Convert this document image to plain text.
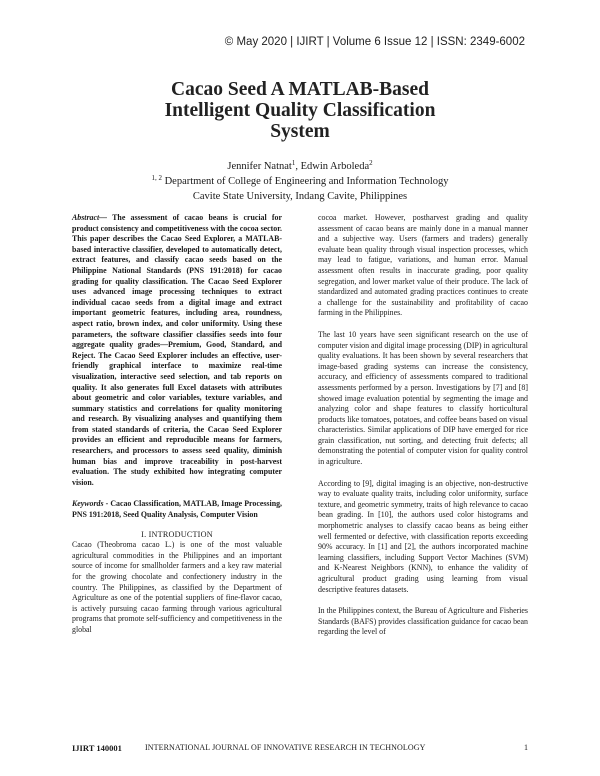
© May 2020 | IJIRT | Volume 6 Issue 12 | ISSN: 2349-6002
Cacao Seed A MATLAB-Based
Intelligent Quality Classification
System
Jennifer Natnat$^1$, Edwin Arboleda$^2$
$^{1, 2}$ Department of College of Engineering and Information Technology
Cavite State University, Indang Cavite, Philippines

Abstract— The assessment of cacao beans is crucial for product consistency and competitiveness with the cocoa sector. This paper describes the Cacao Seed Explorer, a MATLAB-based interactive classifier, developed to automatically detect, extract features, and classify cacao seeds based on the Philippine National Standards (PNS 191:2018) for cacao grading for quality classification. The Cacao Seed Explorer uses advanced image processing techniques to extract individual cacao seeds from a digital image and extract important geometric features, including area, roundness, aspect ratio, brown index, and color uniformity. Using these parameters, the software classifier classifies seeds into four aggregate quality grades—Premium, Good, Standard, and Reject. The Cacao Seed Explorer includes an effective, user-friendly graphical interface to maximize real-time visualization, interactive seed selection, and tab reports on quality. It also generates full Excel datasets with attributes about geometric and color variables, texture variables, and summary statistics and correlations for quality monitoring and research. By visualizing analyses and quantifying them from stated standards of criteria, the Cacao Seed Explorer provides an efficient and reproducible means for farmers, researchers, and processors to assess seed quality, diminish human bias and improve traceability in post-harvest evaluation. The study exhibited how integrating computer vision.

Keywords - Cacao Classification, MATLAB, Image Processing, PNS 191:2018, Seed Quality Analysis, Computer Vision

I. INTRODUCTION

Cacao (Theobroma cacao L.) is one of the most valuable agricultural commodities in the Philippines and an important source of income for smallholder farmers and a key raw material for the growing chocolate and confectionery industry in the country. The Philippines, as classified by the Department of Agriculture as one of the potential suppliers of fine-flavor cacao, is actively pursuing cacao farming through various agricultural programs that promote self-sufficiency and competitiveness in the global

cocoa market. However, postharvest grading and quality assessment of cacao beans are mainly done in a manual manner and a subjective way. Users (farmers and traders) generally evaluate bean quality through visual inspection processes, which may lead to fatigue, variations, and human error. Manual assessment often results in inaccurate grading, poor quality segregation, and lower market value of their produce. The lack of standardized and automated grading practices continues to create a challenge for the sustainability and profitability of cacao farming in the Philippines.

The last 10 years have seen significant research on the use of computer vision and digital image processing (DIP) in agricultural quality evaluations. It has been shown by several researchers that image-based grading systems can increase the consistency, accuracy, and efficiency of assessments compared to traditional assessments performed by a person. Investigations by [7] and [8] showed image evaluation potential by segmenting the image and analyzing color and shape features to classify horticultural products like tomatoes, potatoes, and coffee beans based on visual characteristics. Similar applications of DIP have emerged for rice grain classification, nut sorting, and detecting fruit defects; all demonstrating the potential of computer vision for quality control in agriculture.

According to [9], digital imaging is an objective, non-destructive way to evaluate quality traits, including color uniformity, surface texture, and geometric symmetry, traits of high relevance to cacao bean grading. In [10], the authors used color histograms and morphometric analyses to classify cacao beans as being either well fermented or defective, with classification reports exceeding 90% accuracy. In [1] and [2], the authors incorporated machine learning classifiers, including Support Vector Machines (SVM) and K-Nearest Neighbors (KNN), to enhance the validity of agricultural product grading using learning from visual descriptive features datasets.

In the Philippines context, the Bureau of Agriculture and Fisheries Standards (BAFS) provides classification guidance for cacao bean regarding the level of

IJIRT 140001	INTERNATIONAL JOURNAL OF INNOVATIVE RESEARCH IN TECHNOLOGY	1
